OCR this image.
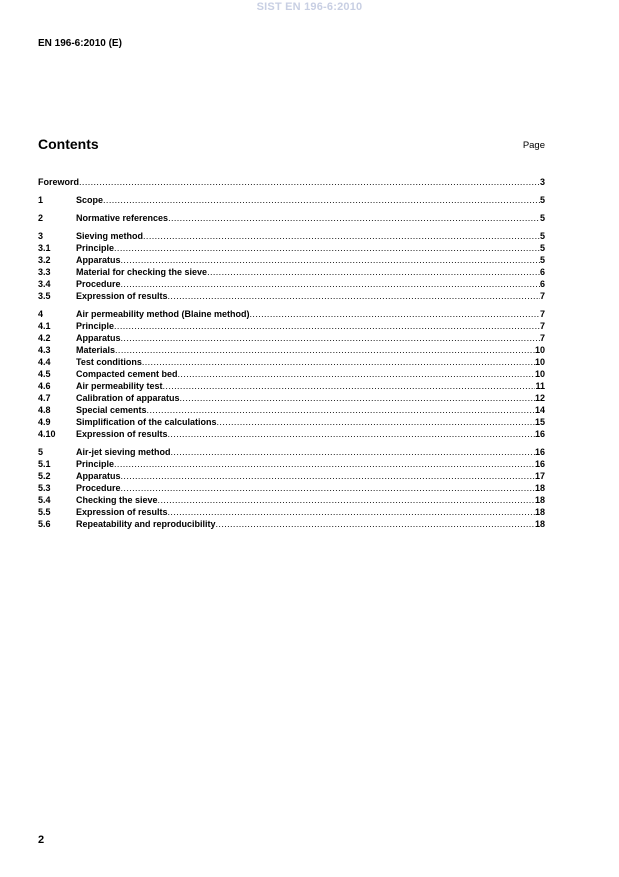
SIST EN 196-6:2010
EN 196-6:2010 (E)
Contents	Page
Foreword .....	3
1	Scope .....	5
2	Normative references .....	5
3	Sieving method .....	5
3.1	Principle .....	5
3.2	Apparatus .....	5
3.3	Material for checking the sieve .....	6
3.4	Procedure .....	6
3.5	Expression of results .....	7
4	Air permeability method (Blaine method) .....	7
4.1	Principle .....	7
4.2	Apparatus .....	7
4.3	Materials .....	10
4.4	Test conditions .....	10
4.5	Compacted cement bed .....	10
4.6	Air permeability test .....	11
4.7	Calibration of apparatus .....	12
4.8	Special cements .....	14
4.9	Simplification of the calculations .....	15
4.10	Expression of results .....	16
5	Air-jet sieving method .....	16
5.1	Principle .....	16
5.2	Apparatus .....	17
5.3	Procedure .....	18
5.4	Checking the sieve .....	18
5.5	Expression of results .....	18
5.6	Repeatability and reproducibility .....	18
2
